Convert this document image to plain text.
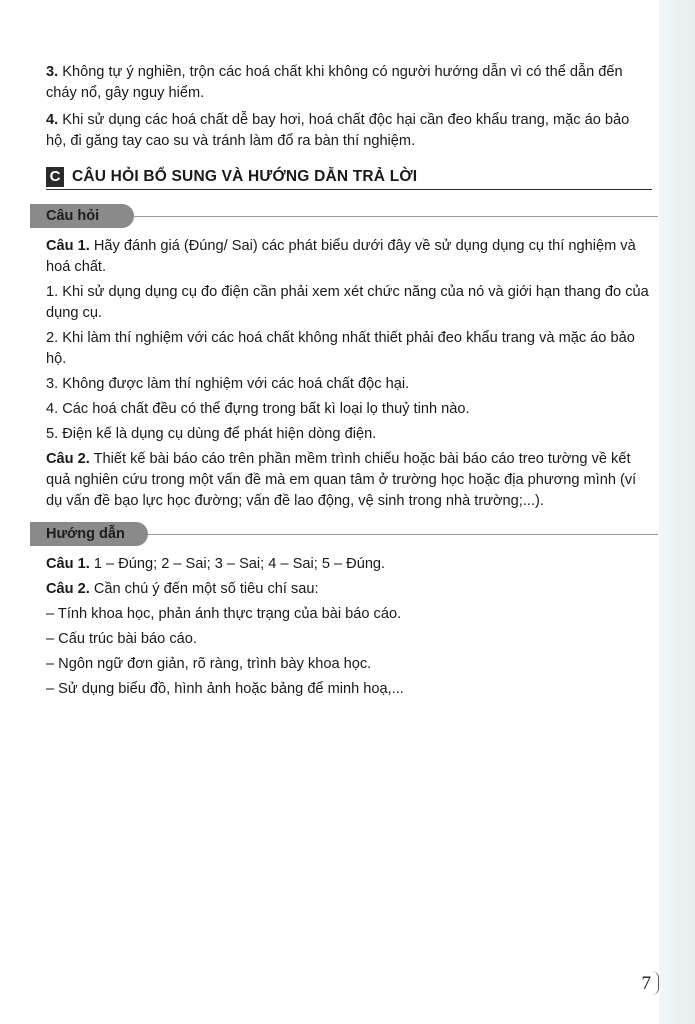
3. Không tự ý nghiền, trộn các hoá chất khi không có người hướng dẫn vì có thể dẫn đến cháy nổ, gây nguy hiểm.

4. Khi sử dụng các hoá chất dễ bay hơi, hoá chất độc hại cần đeo khẩu trang, mặc áo bảo hộ, đi găng tay cao su và tránh làm đổ ra bàn thí nghiệm.

C CÂU HỎI BỔ SUNG VÀ HƯỚNG DẪN TRẢ LỜI
Câu hỏi

Câu 1. Hãy đánh giá (Đúng/ Sai) các phát biểu dưới đây về sử dụng dụng cụ thí nghiệm và hoá chất.

1. Khi sử dụng dụng cụ đo điện cần phải xem xét chức năng của nó và giới hạn thang đo của dụng cụ.

2. Khi làm thí nghiệm với các hoá chất không nhất thiết phải đeo khẩu trang và mặc áo bảo hộ.

3. Không được làm thí nghiệm với các hoá chất độc hại.

4. Các hoá chất đều có thể đựng trong bất kì loại lọ thuỷ tinh nào.

5. Điện kế là dụng cụ dùng để phát hiện dòng điện.

Câu 2. Thiết kế bài báo cáo trên phần mềm trình chiếu hoặc bài báo cáo treo tường về kết quả nghiên cứu trong một vấn đề mà em quan tâm ở trường học hoặc địa phương mình (ví dụ vấn đề bạo lực học đường; vấn đề lao động, vệ sinh trong nhà trường;...).

Hướng dẫn

Câu 1. 1 – Đúng; 2 – Sai; 3 – Sai; 4 – Sai; 5 – Đúng.

Câu 2. Cần chú ý đến một số tiêu chí sau:

– Tính khoa học, phản ánh thực trạng của bài báo cáo.

– Cấu trúc bài báo cáo.

– Ngôn ngữ đơn giản, rõ ràng, trình bày khoa học.

– Sử dụng biểu đồ, hình ảnh hoặc bảng để minh hoạ,...

7
